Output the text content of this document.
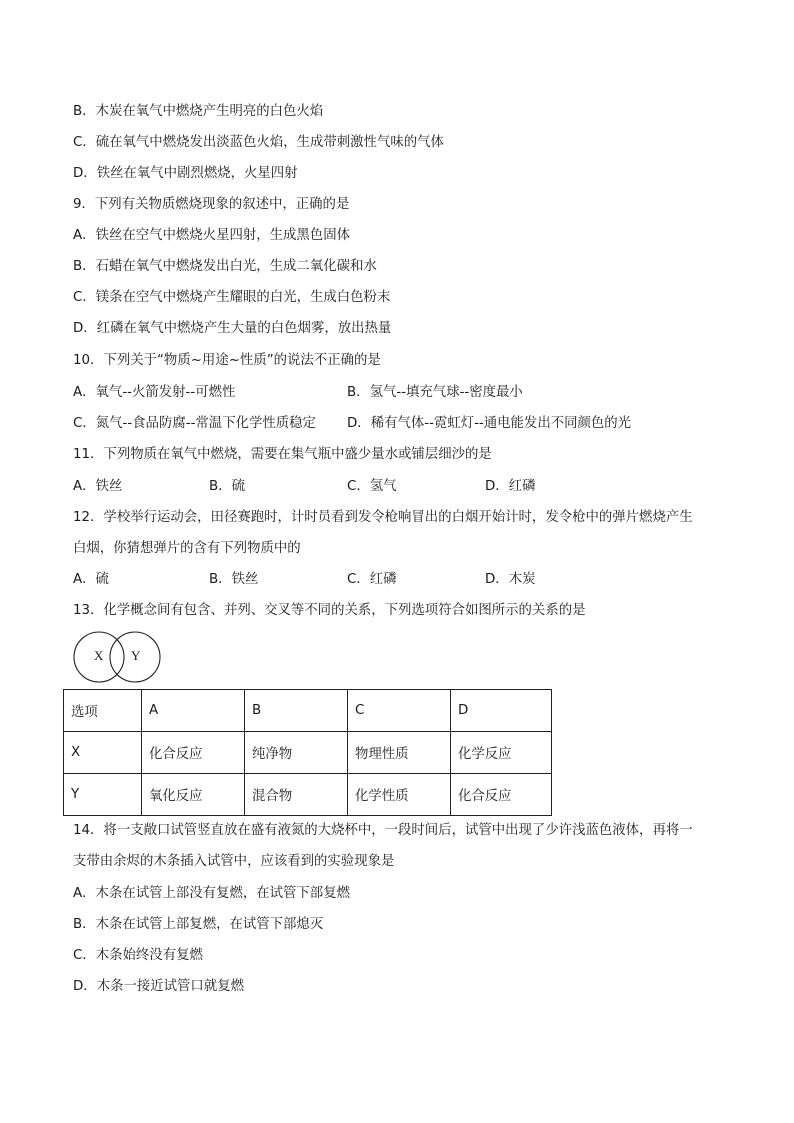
B．木炭在氧气中燃烧产生明亮的白色火焰
C．硫在氧气中燃烧发出淡蓝色火焰，生成带刺激性气味的气体
D．铁丝在氧气中剧烈燃烧，火星四射
9．下列有关物质燃烧现象的叙述中，正确的是
A．铁丝在空气中燃烧火星四射，生成黑色固体
B．石蜡在氧气中燃烧发出白光，生成二氧化碳和水
C．镁条在空气中燃烧产生耀眼的白光，生成白色粉末
D．红磷在氧气中燃烧产生大量的白色烟雾，放出热量
10．下列关于“物质~用途~性质”的说法不正确的是
A．氧气--火箭发射--可燃性	B．氢气--填充气球--密度最小
C．氮气--食品防腐--常温下化学性质稳定 D．稀有气体--霓虹灯--通电能发出不同颜色的光
11．下列物质在氧气中燃烧，需要在集气瓶中盛少量水或铺层细沙的是
A．铁丝	B．硫	C．氢气	D．红磷
12．学校举行运动会，田径赛跑时，计时员看到发令枪响冒出的白烟开始计时，发令枪中的弹片燃烧产生
白烟，你猜想弹片的含有下列物质中的
A．硫	B．铁丝	C．红磷	D．木炭
13．化学概念间有包含、并列、交叉等不同的关系，下列选项符合如图所示的关系的是
X Y
选项	A	B	C	D
X	化合反应	纯净物	物理性质	化学反应
Y	氧化反应	混合物	化学性质	化合反应
14．将一支敞口试管竖直放在盛有液氮的大烧杯中，一段时间后，试管中出现了少许浅蓝色液体，再将一
支带由余烬的木条插入试管中，应该看到的实验现象是
A．木条在试管上部没有复燃，在试管下部复燃
B．木条在试管上部复燃，在试管下部熄灭
C．木条始终没有复燃
D．木条一接近试管口就复燃
